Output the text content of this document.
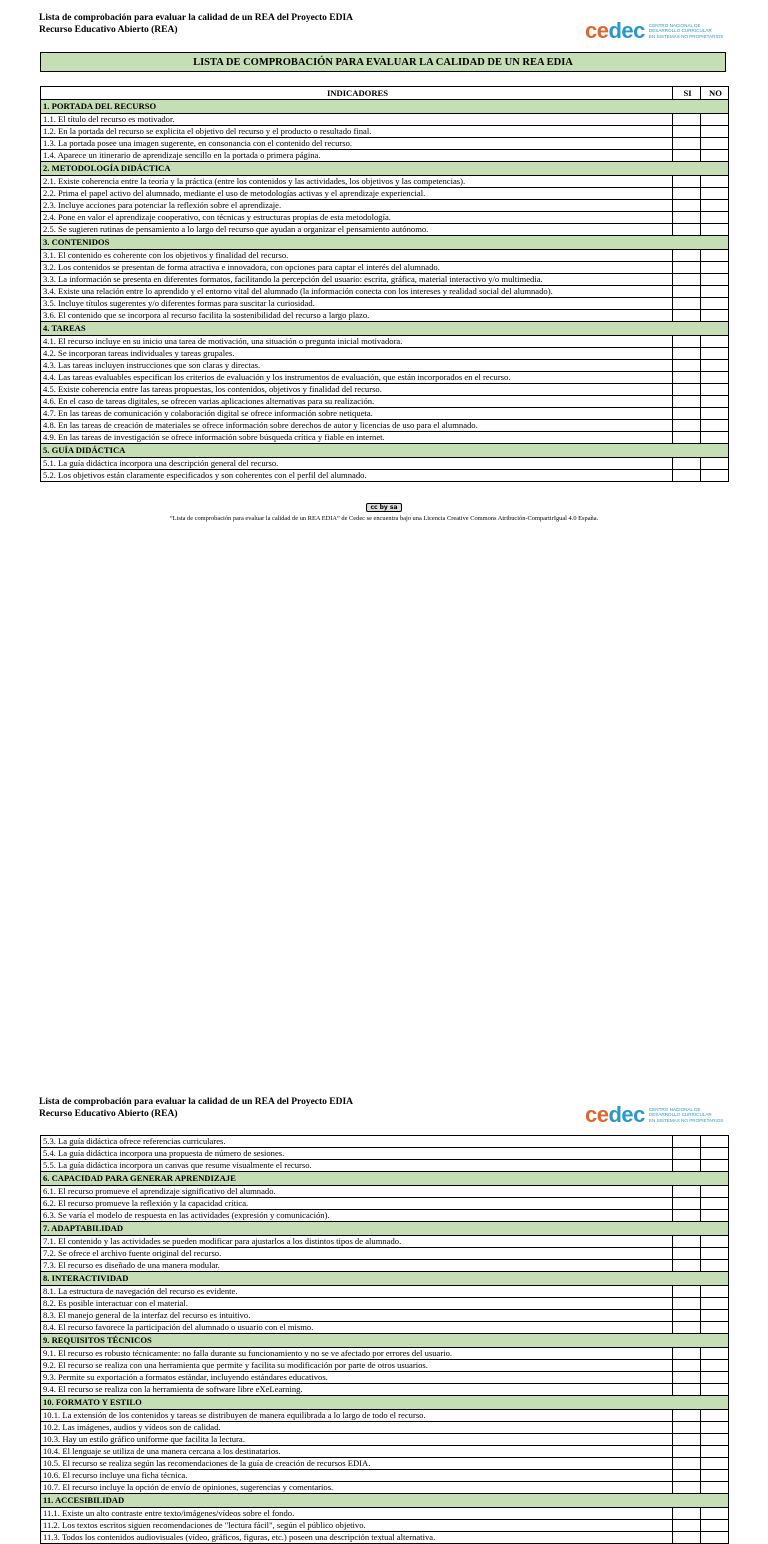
Lista de comprobación para evaluar la calidad de un REA del Proyecto EDIA
Recurso Educativo Abierto (REA)	cedec CENTRO NACIONAL DE
DESARROLLO CURRICULAR
EN SISTEMAS NO PROPIETARIOS
LISTA DE COMPROBACIÓN PARA EVALUAR LA CALIDAD DE UN REA EDIA
INDICADORES	SI	NO
1. PORTADA DEL RECURSO		
1.1. El título del recurso es motivador.		
1.2. En la portada del recurso se explicita el objetivo del recurso y el producto o resultado final.		
1.3. La portada posee una imagen sugerente, en consonancia con el contenido del recurso.		
1.4. Aparece un itinerario de aprendizaje sencillo en la portada o primera página.		
2. METODOLOGÍA DIDÁCTICA		
2.1. Existe coherencia entre la teoría y la práctica (entre los contenidos y las actividades, los objetivos y las competencias).		
2.2. Prima el papel activo del alumnado, mediante el uso de metodologías activas y el aprendizaje experiencial.		
2.3. Incluye acciones para potenciar la reflexión sobre el aprendizaje.		
2.4. Pone en valor el aprendizaje cooperativo, con técnicas y estructuras propias de esta metodología.		
2.5. Se sugieren rutinas de pensamiento a lo largo del recurso que ayudan a organizar el pensamiento autónomo.		
3. CONTENIDOS		
3.1. El contenido es coherente con los objetivos y finalidad del recurso.		
3.2. Los contenidos se presentan de forma atractiva e innovadora, con opciones para captar el interés del alumnado.		
3.3. La información se presenta en diferentes formatos, facilitando la percepción del usuario: escrita, gráfica, material interactivo y/o multimedia.		
3.4. Existe una relación entre lo aprendido y el entorno vital del alumnado (la información conecta con los intereses y realidad social del alumnado).		
3.5. Incluye títulos sugerentes y/o diferentes formas para suscitar la curiosidad.		
3.6. El contenido que se incorpora al recurso facilita la sostenibilidad del recurso a largo plazo.		
4. TAREAS		
4.1. El recurso incluye en su inicio una tarea de motivación, una situación o pregunta inicial motivadora.		
4.2. Se incorporan tareas individuales y tareas grupales.		
4.3. Las tareas incluyen instrucciones que son claras y directas.		
4.4. Las tareas evaluables especifican los criterios de evaluación y los instrumentos de evaluación, que están incorporados en el recurso.		
4.5. Existe coherencia entre las tareas propuestas, los contenidos, objetivos y finalidad del recurso.		
4.6. En el caso de tareas digitales, se ofrecen varias aplicaciones alternativas para su realización.		
4.7. En las tareas de comunicación y colaboración digital se ofrece información sobre netiqueta.		
4.8. En las tareas de creación de materiales se ofrece información sobre derechos de autor y licencias de uso para el alumnado.		
4.9. En las tareas de investigación se ofrece información sobre búsqueda crítica y fiable en internet.		
5. GUÍA DIDÁCTICA		
5.1. La guía didáctica incorpora una descripción general del recurso.		
5.2. Los objetivos están claramente especificados y son coherentes con el perfil del alumnado.		
cc by sa
“Lista de comprobación para evaluar la calidad de un REA EDIA” de Cedec se encuentra bajo una Licencia Creative Commons Atribución-CompartirIgual 4.0 España.
Lista de comprobación para evaluar la calidad de un REA del Proyecto EDIA
Recurso Educativo Abierto (REA)	cedec CENTRO NACIONAL DE
DESARROLLO CURRICULAR
EN SISTEMAS NO PROPIETARIOS
5.3. La guía didáctica ofrece referencias curriculares.		
5.4. La guía didáctica incorpora una propuesta de número de sesiones.		
5.5. La guía didáctica incorpora un canvas que resume visualmente el recurso.		
6. CAPACIDAD PARA GENERAR APRENDIZAJE		
6.1. El recurso promueve el aprendizaje significativo del alumnado.		
6.2. El recurso promueve la reflexión y la capacidad crítica.		
6.3. Se varía el modelo de respuesta en las actividades (expresión y comunicación).		
7. ADAPTABILIDAD		
7.1. El contenido y las actividades se pueden modificar para ajustarlos a los distintos tipos de alumnado.		
7.2. Se ofrece el archivo fuente original del recurso.		
7.3. El recurso es diseñado de una manera modular.		
8. INTERACTIVIDAD		
8.1. La estructura de navegación del recurso es evidente.		
8.2. Es posible interactuar con el material.		
8.3. El manejo general de la interfaz del recurso es intuitivo.		
8.4. El recurso favorece la participación del alumnado o usuario con el mismo.		
9. REQUISITOS TÉCNICOS		
9.1. El recurso es robusto técnicamente: no falla durante su funcionamiento y no se ve afectado por errores del usuario.		
9.2. El recurso se realiza con una herramienta que permite y facilita su modificación por parte de otros usuarios.		
9.3. Permite su exportación a formatos estándar, incluyendo estándares educativos.		
9.4. El recurso se realiza con la herramienta de software libre eXeLearning.		
10. FORMATO Y ESTILO		
10.1. La extensión de los contenidos y tareas se distribuyen de manera equilibrada a lo largo de todo el recurso.		
10.2. Las imágenes, audios y vídeos son de calidad.		
10.3. Hay un estilo gráfico uniforme que facilita la lectura.		
10.4. El lenguaje se utiliza de una manera cercana a los destinatarios.		
10.5. El recurso se realiza según las recomendaciones de la guía de creación de recursos EDIA.		
10.6. El recurso incluye una ficha técnica.		
10.7. El recurso incluye la opción de envío de opiniones, sugerencias y comentarios.		
11. ACCESIBILIDAD		
11.1. Existe un alto contraste entre texto/imágenes/vídeos sobre el fondo.		
11.2. Los textos escritos siguen recomendaciones de "lectura fácil", según el público objetivo.		
11.3. Todos los contenidos audiovisuales (vídeo, gráficos, figuras, etc.) poseen una descripción textual alternativa.		
